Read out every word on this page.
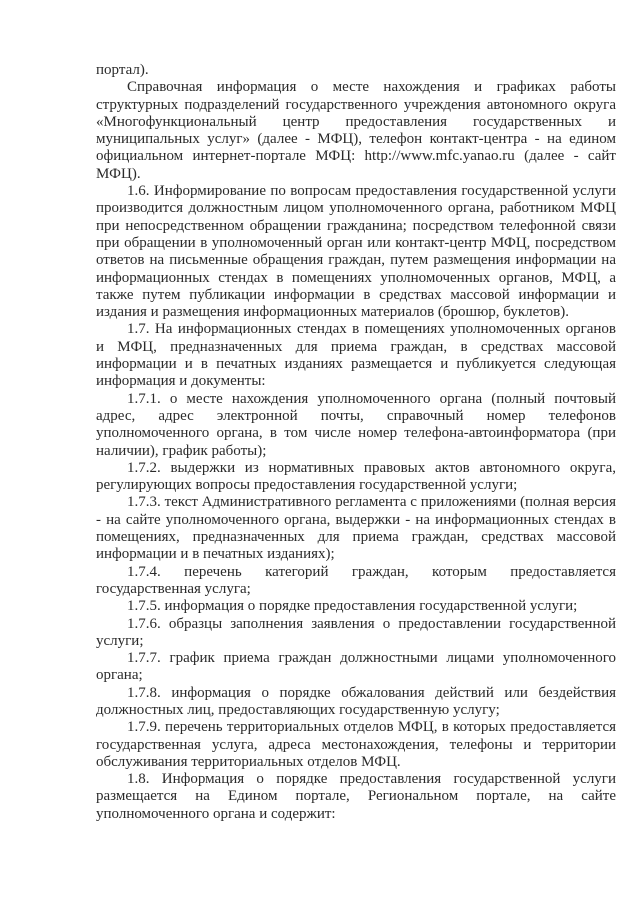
портал).

Справочная информация о месте нахождения и графиках работы структурных подразделений государственного учреждения автономного округа «Многофункциональный центр предоставления государственных и муниципальных услуг» (далее - МФЦ), телефон контакт-центра - на едином официальном интернет-портале МФЦ: http://www.mfc.yanao.ru (далее - сайт МФЦ).

1.6. Информирование по вопросам предоставления государственной услуги производится должностным лицом уполномоченного органа, работником МФЦ при непосредственном обращении гражданина; посредством телефонной связи при обращении в уполномоченный орган или контакт-центр МФЦ, посредством ответов на письменные обращения граждан, путем размещения информации на информационных стендах в помещениях уполномоченных органов, МФЦ, а также путем публикации информации в средствах массовой информации и издания и размещения информационных материалов (брошюр, буклетов).

1.7. На информационных стендах в помещениях уполномоченных органов и МФЦ, предназначенных для приема граждан, в средствах массовой информации и в печатных изданиях размещается и публикуется следующая информация и документы:

1.7.1. о месте нахождения уполномоченного органа (полный почтовый адрес, адрес электронной почты, справочный номер телефонов уполномоченного органа, в том числе номер телефона-автоинформатора (при наличии), график работы);

1.7.2. выдержки из нормативных правовых актов автономного округа, регулирующих вопросы предоставления государственной услуги;

1.7.3. текст Административного регламента с приложениями (полная версия - на сайте уполномоченного органа, выдержки - на информационных стендах в помещениях, предназначенных для приема граждан, средствах массовой информации и в печатных изданиях);

1.7.4. перечень категорий граждан, которым предоставляется государственная услуга;

1.7.5. информация о порядке предоставления государственной услуги;

1.7.6. образцы заполнения заявления о предоставлении государственной услуги;

1.7.7. график приема граждан должностными лицами уполномоченного органа;

1.7.8. информация о порядке обжалования действий или бездействия должностных лиц, предоставляющих государственную услугу;

1.7.9. перечень территориальных отделов МФЦ, в которых предоставляется государственная услуга, адреса местонахождения, телефоны и территории обслуживания территориальных отделов МФЦ.

1.8. Информация о порядке предоставления государственной услуги размещается на Едином портале, Региональном портале, на сайте уполномоченного органа и содержит:
